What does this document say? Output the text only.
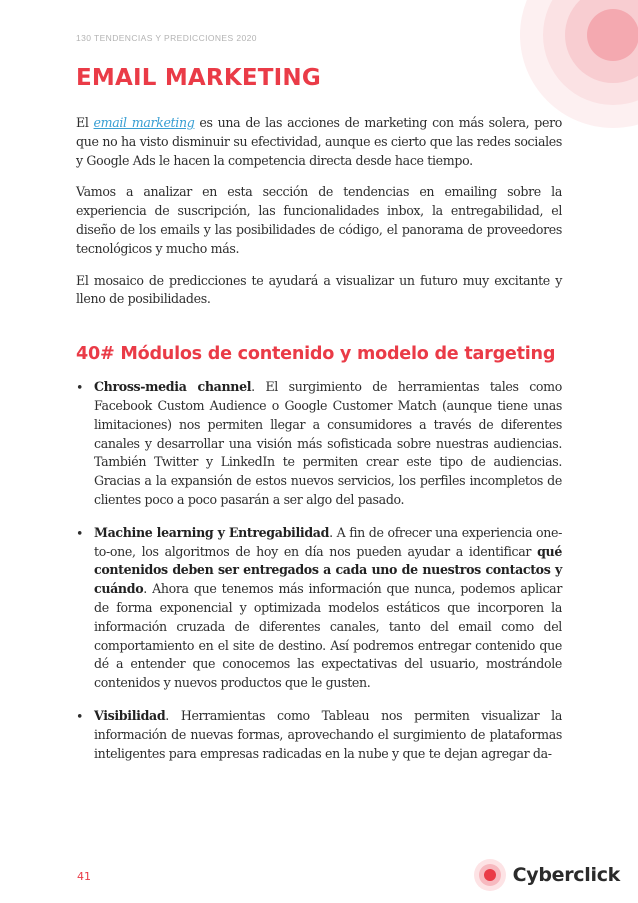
130 TENDENCIAS Y PREDICCIONES 2020
EMAIL MARKETING

El email marketing es una de las acciones de marketing con más solera, pero que no ha visto disminuir su efectividad, aunque es cierto que las redes sociales y Google Ads le hacen la competencia directa desde hace tiempo.

Vamos a analizar en esta sección de tendencias en emailing sobre la experiencia de suscripción, las funcionalidades inbox, la entregabilidad, el diseño de los emails y las posibilidades de código, el panorama de proveedores tecnológicos y mucho más.

El mosaico de predicciones te ayudará a visualizar un futuro muy excitante y lleno de posibilidades.

40# Módulos de contenido y modelo de targeting
• Chross-media channel. El surgimiento de herramientas tales como Facebook Custom Audience o Google Customer Match (aunque tiene unas limitaciones) nos permiten llegar a consumidores a través de diferentes canales y desarrollar una visión más sofisticada sobre nuestras audiencias. También Twitter y LinkedIn te permiten crear este tipo de audiencias. Gracias a la expansión de estos nuevos servicios, los perfiles incompletos de clientes poco a poco pasarán a ser algo del pasado.

• Machine learning y Entregabilidad. A fin de ofrecer una experiencia one-to-one, los algoritmos de hoy en día nos pueden ayudar a identificar qué contenidos deben ser entregados a cada uno de nuestros contactos y cuándo. Ahora que tenemos más información que nunca, podemos aplicar de forma exponencial y optimizada modelos estáticos que incorporen la información cruzada de diferentes canales, tanto del email como del comportamiento en el site de destino. Así podremos entregar contenido que dé a entender que conocemos las expectativas del usuario, mostrándole contenidos y nuevos productos que le gusten.

• Visibilidad. Herramientas como Tableau nos permiten visualizar la información de nuevas formas, aprovechando el surgimiento de plataformas inteligentes para empresas radicadas en la nube y que te dejan agregar da-

41	Cyberclick
